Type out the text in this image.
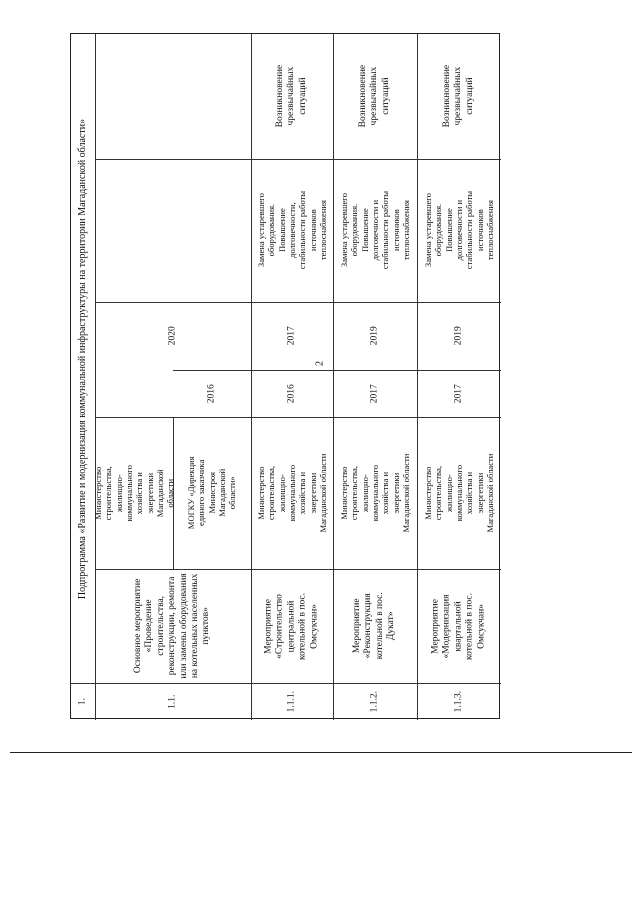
2
1.
Подпрограмма «Развитие и модернизация коммунальной инфраструктуры на территории Магаданской области»
1.1.
Основное мероприятие «Проведение строительства, реконструкции, ремонта или замены оборудования на котельных населенных пунктов»
Министерство строительства, жилищно-коммунального хозяйства и энергетики Магаданской области МОГКУ «Дирекция единого заказчика Министроя Магаданской области»
2016
2020
1.1.1.
Мероприятие «Строительство центральной котельной в пос. Омсукчан»
Министерство строительства, жилищно-коммунального хозяйства и энергетики Магаданской области
2016
2017
Замена устаревшего оборудования. Повышение долговечности, стабильности работы источников теплоснабжения
Возникновение чрезвычайных ситуаций
1.1.2.
Мероприятие «Реконструкция котельной в пос. Дукат»
Министерство строительства, жилищно-коммунального хозяйства и энергетики Магаданской области
2017
2019
Замена устаревшего оборудования. Повышение долговечности и стабильности работы источников теплоснабжения
Возникновение чрезвычайных ситуаций
1.1.3.
Мероприятие «Модернизация квартальной котельной в пос. Омсукчан»
Министерство строительства, жилищно-коммунального хозяйства и энергетики Магаданской области
2017
2019
Замена устаревшего оборудования. Повышение долговечности и стабильности работы источников теплоснабжения
Возникновение чрезвычайных ситуаций
